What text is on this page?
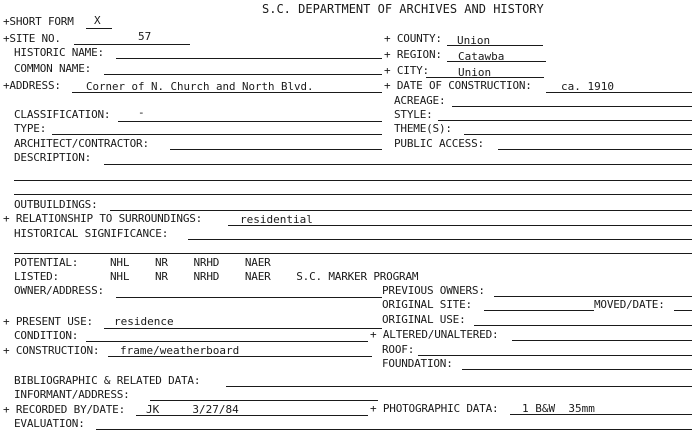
S.C. DEPARTMENT OF ARCHIVES AND HISTORY
+SHORT FORM X
+SITE NO.	57	+ COUNTY: Union
HISTORIC NAME:	+ REGION: Catawba
COMMON NAME:	+ CITY:	Union
+ADDRESS: Corner of N. Church and North Blvd.	+ DATE OF CONSTRUCTION:	ca. 1910
ACREAGE:
CLASSIFICATION:	-	STYLE:
TYPE:	THEME(S):
ARCHITECT/CONTRACTOR:	PUBLIC ACCESS:
DESCRIPTION:
OUTBUILDINGS:
+ RELATIONSHIP TO SURROUNDINGS:	residential
HISTORICAL SIGNIFICANCE:
POTENTIAL:	NHL    NR    NRHD    NAER
LISTED:	NHL    NR    NRHD    NAER    S.C. MARKER PROGRAM
OWNER/ADDRESS:	PREVIOUS OWNERS:
ORIGINAL SITE:	MOVED/DATE:
+ PRESENT USE: residence	ORIGINAL USE:
CONDITION:	+ ALTERED/UNALTERED:
+ CONSTRUCTION: frame/weatherboard	ROOF:
FOUNDATION:
BIBLIOGRAPHIC & RELATED DATA:
INFORMANT/ADDRESS:
+ RECORDED BY/DATE: JK     3/27/84	+ PHOTOGRAPHIC DATA: 1 B&W  35mm
EVALUATION:
